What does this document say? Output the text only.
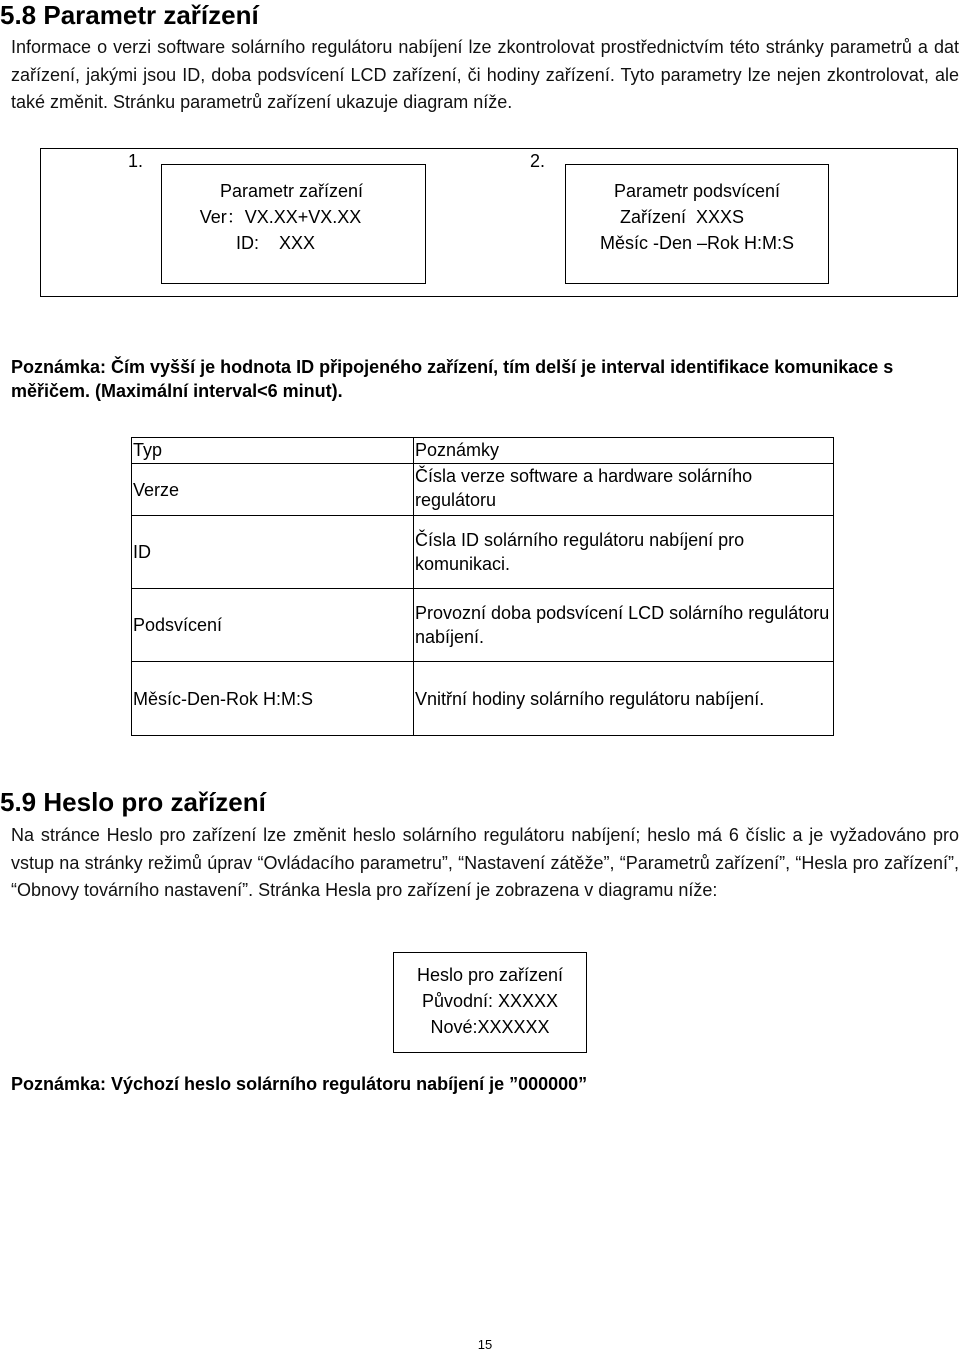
5.8 Parametr zařízení

Informace o verzi software solárního regulátoru nabíjení lze zkontrolovat prostřednictvím této stránky parametrů a dat zařízení, jakými jsou ID, doba podsvícení LCD zařízení, či hodiny zařízení. Tyto parametry lze nejen zkontrolovat, ale také změnit. Stránku parametrů zařízení ukazuje diagram níže.

1.
Parametr zařízení
Ver：VX.XX+VX.XX
ID:    XXX
2.
Parametr podsvícení
Zařízení  XXXS
Měsíc -Den –Rok H:M:S

Poznámka: Čím vyšší je hodnota ID připojeného zařízení, tím delší je interval identifikace komunikace s měřičem. (Maximální interval<6 minut).

Typ	Poznámky
Verze	Čísla verze software a hardware solárního regulátoru
ID	Čísla ID solárního regulátoru nabíjení pro komunikaci.
Podsvícení	Provozní doba podsvícení LCD solárního regulátoru nabíjení.
Měsíc-Den-Rok H:M:S	Vnitřní hodiny solárního regulátoru nabíjení.
5.9 Heslo pro zařízení

Na stránce Heslo pro zařízení lze změnit heslo solárního regulátoru nabíjení; heslo má 6 číslic a je vyžadováno pro vstup na stránky režimů úprav “Ovládacího parametru”, “Nastavení zátěže”, “Parametrů zařízení”, “Hesla pro zařízení”, “Obnovy továrního nastavení”. Stránka Hesla pro zařízení je zobrazena v diagramu níže:

Heslo pro zařízení
Původní: XXXXX
Nové:XXXXXX

Poznámka: Výchozí heslo solárního regulátoru nabíjení je ”000000”

15
